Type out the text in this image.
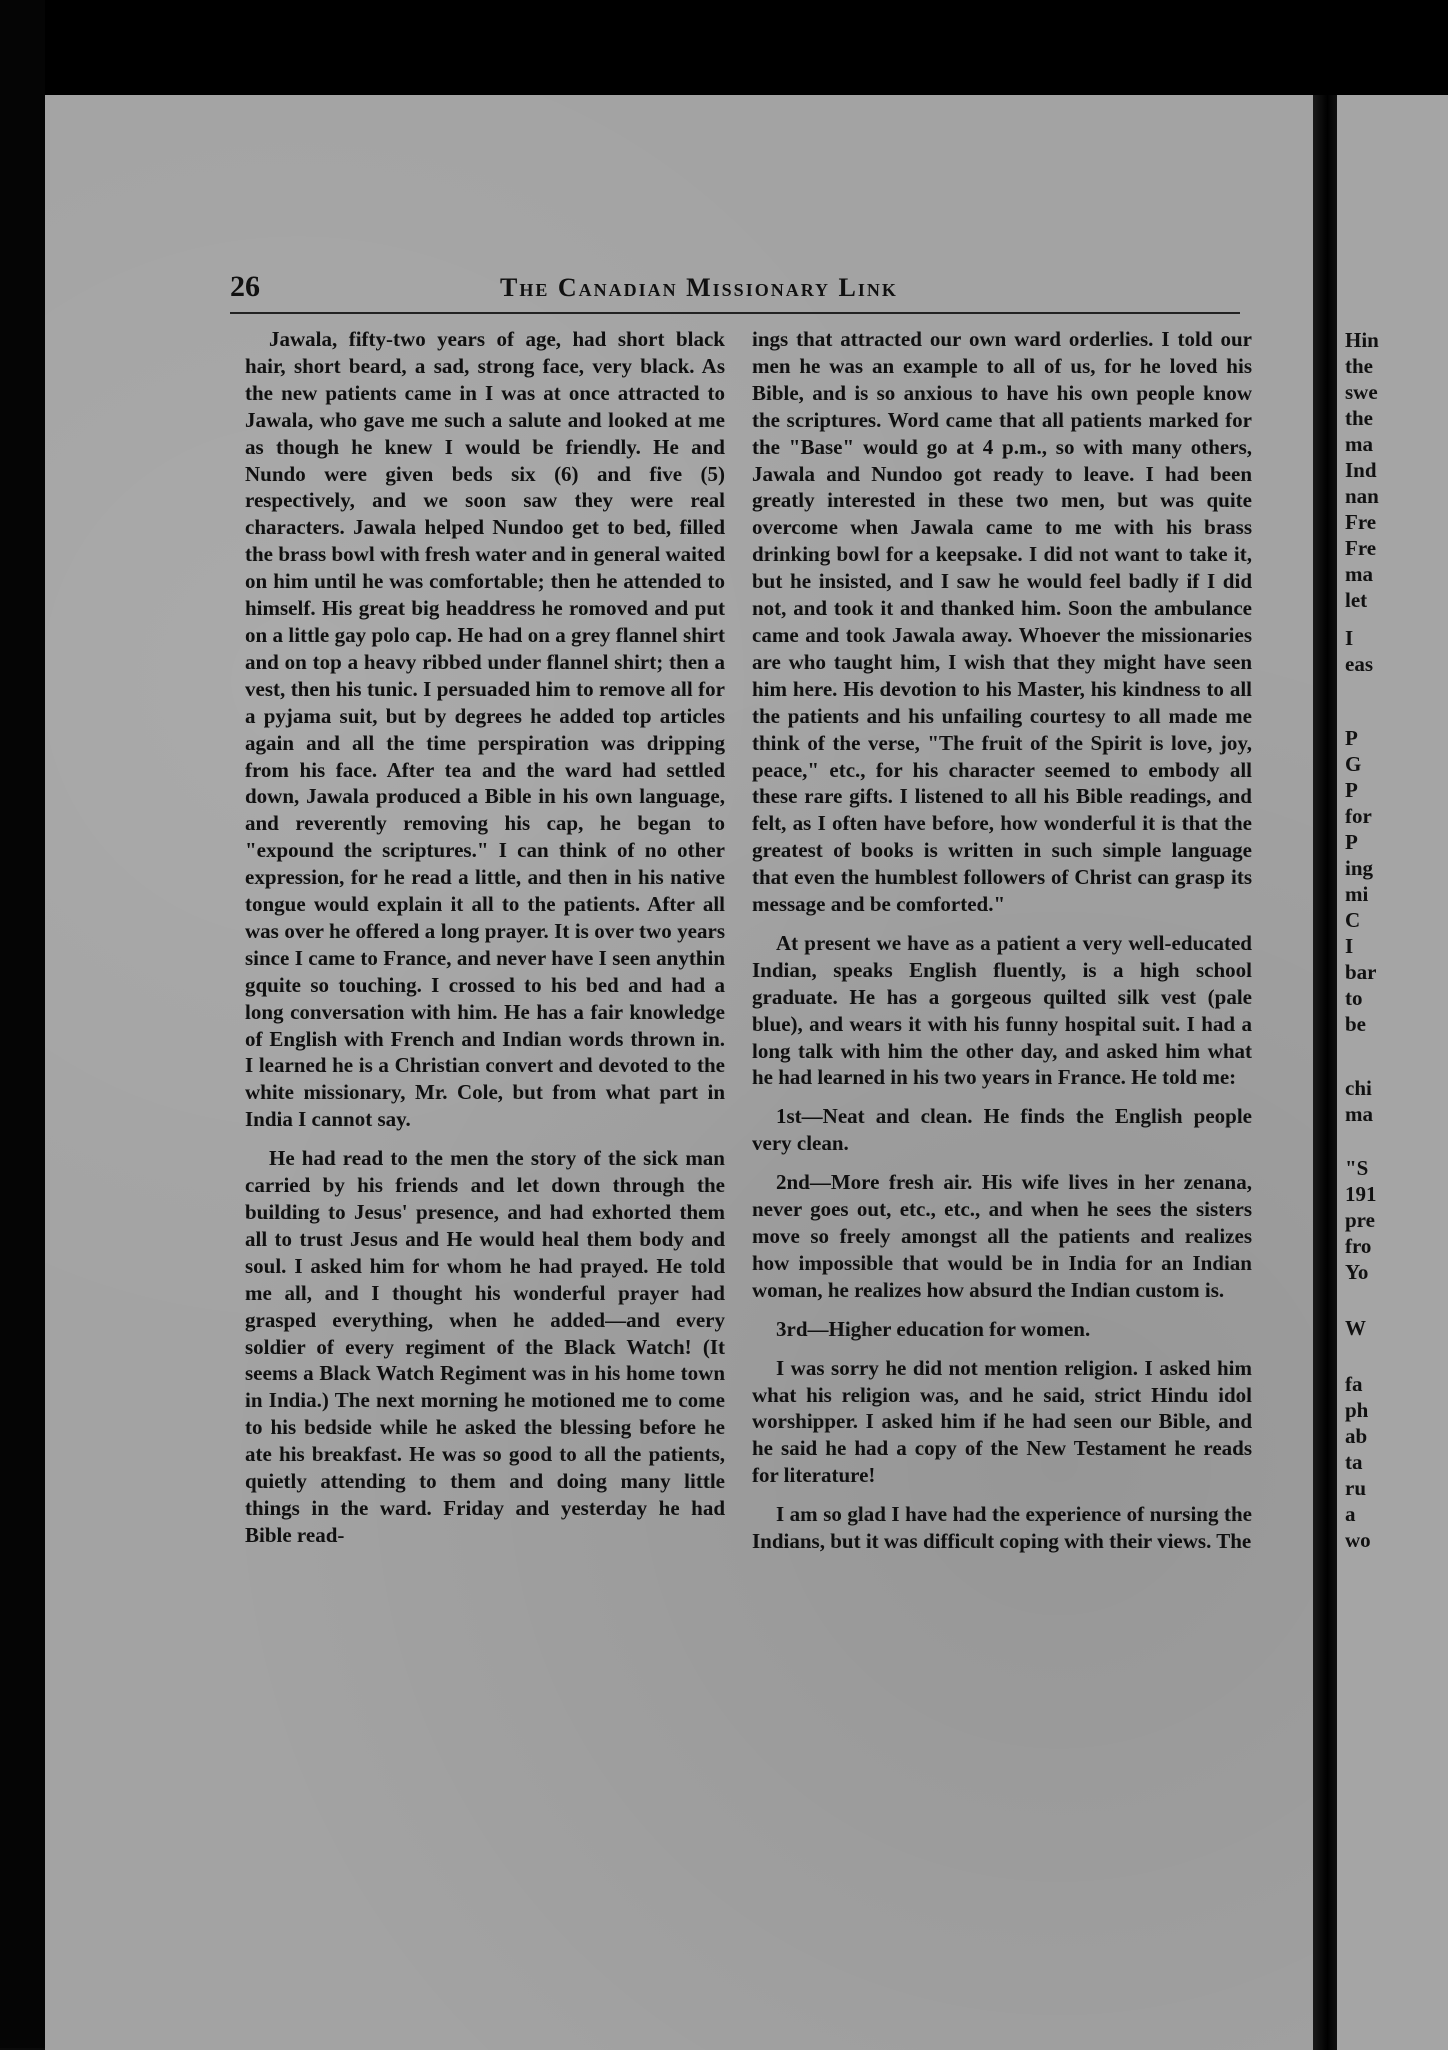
Hin
the
swe
the
ma
Ind
nan
Fre
Fre
ma
let
I
eas
P
G
P
for
P
ing
mi
C
I
bar
to
be
chi
ma
"S
191
pre
fro
Yo
W
fa
ph
ab
ta
ru
a
wo
26	The Canadian Missionary Link

Jawala, fifty-two years of age, had short black hair, short beard, a sad, strong face, very black. As the new patients came in I was at once attracted to Jawala, who gave me such a salute and looked at me as though he knew I would be friendly. He and Nundo were given beds six (6) and five (5) respectively, and we soon saw they were real characters. Jawala helped Nundoo get to bed, filled the brass bowl with fresh water and in general waited on him until he was comfortable; then he attended to himself. His great big headdress he romoved and put on a little gay polo cap. He had on a grey flannel shirt and on top a heavy ribbed under flannel shirt; then a vest, then his tunic. I persuaded him to remove all for a pyjama suit, but by degrees he added top articles again and all the time perspiration was dripping from his face. After tea and the ward had settled down, Jawala produced a Bible in his own language, and reverently removing his cap, he began to "expound the scriptures." I can think of no other expression, for he read a little, and then in his native tongue would explain it all to the patients. After all was over he offered a long prayer. It is over two years since I came to France, and never have I seen anythin gquite so touching. I crossed to his bed and had a long conversation with him. He has a fair knowledge of English with French and Indian words thrown in. I learned he is a Christian convert and devoted to the white missionary, Mr. Cole, but from what part in India I cannot say.

He had read to the men the story of the sick man carried by his friends and let down through the building to Jesus' presence, and had exhorted them all to trust Jesus and He would heal them body and soul. I asked him for whom he had prayed. He told me all, and I thought his wonderful prayer had grasped everything, when he added—and every soldier of every regiment of the Black Watch! (It seems a Black Watch Regiment was in his home town in India.) The next morning he motioned me to come to his bedside while he asked the blessing before he ate his breakfast. He was so good to all the patients, quietly attending to them and doing many little things in the ward. Friday and yesterday he had Bible read-

ings that attracted our own ward orderlies. I told our men he was an example to all of us, for he loved his Bible, and is so anxious to have his own people know the scriptures. Word came that all patients marked for the "Base" would go at 4 p.m., so with many others, Jawala and Nundoo got ready to leave. I had been greatly interested in these two men, but was quite overcome when Jawala came to me with his brass drinking bowl for a keepsake. I did not want to take it, but he insisted, and I saw he would feel badly if I did not, and took it and thanked him. Soon the ambulance came and took Jawala away. Whoever the missionaries are who taught him, I wish that they might have seen him here. His devotion to his Master, his kindness to all the patients and his unfailing courtesy to all made me think of the verse, "The fruit of the Spirit is love, joy, peace," etc., for his character seemed to embody all these rare gifts. I listened to all his Bible readings, and felt, as I often have before, how wonderful it is that the greatest of books is written in such simple language that even the humblest followers of Christ can grasp its message and be comforted."

At present we have as a patient a very well-educated Indian, speaks English fluently, is a high school graduate. He has a gorgeous quilted silk vest (pale blue), and wears it with his funny hospital suit. I had a long talk with him the other day, and asked him what he had learned in his two years in France. He told me:

1st—Neat and clean. He finds the English people very clean.

2nd—More fresh air. His wife lives in her zenana, never goes out, etc., etc., and when he sees the sisters move so freely amongst all the patients and realizes how impossible that would be in India for an Indian woman, he realizes how absurd the Indian custom is.

3rd—Higher education for women.

I was sorry he did not mention religion. I asked him what his religion was, and he said, strict Hindu idol worshipper. I asked him if he had seen our Bible, and he said he had a copy of the New Testament he reads for literature!

I am so glad I have had the experience of nursing the Indians, but it was difficult coping with their views. The
